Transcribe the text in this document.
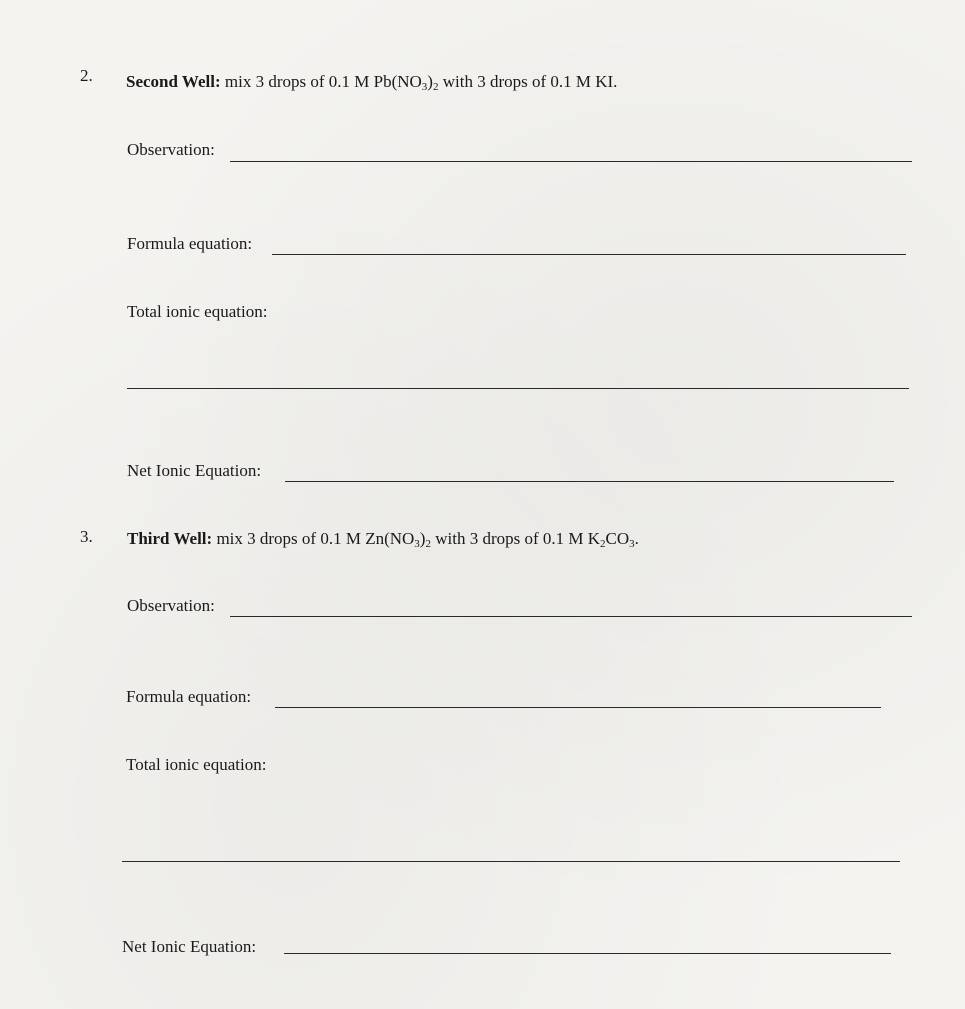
2. Second Well: mix 3 drops of 0.1 M $Pb(NO_3)_2$ with 3 drops of 0.1 M KI.
Observation:
Formula equation:
Total ionic equation:
Net Ionic Equation:
3. Third Well: mix 3 drops of 0.1 M $Zn(NO_3)_2$ with 3 drops of 0.1 M $K_2CO_3$.
Observation:
Formula equation:
Total ionic equation:
Net Ionic Equation:
